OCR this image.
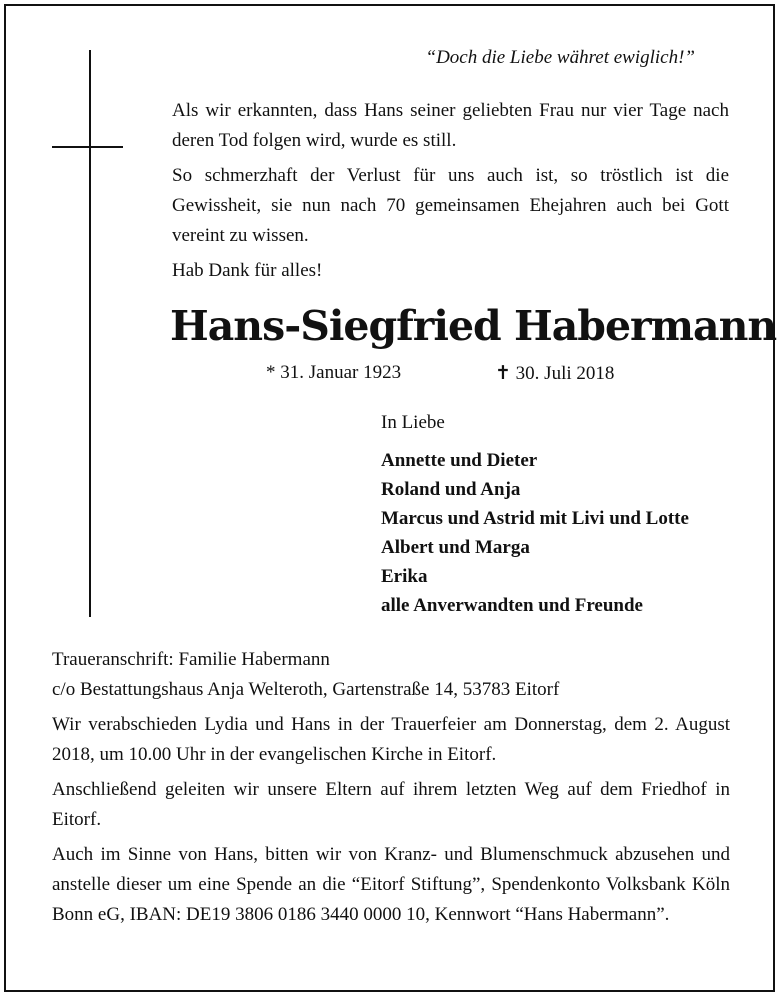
“Doch die Liebe währet ewiglich!”

Als wir erkannten, dass Hans seiner geliebten Frau nur vier Tage nach deren Tod folgen wird, wurde es still.

So schmerzhaft der Verlust für uns auch ist, so tröstlich ist die Gewissheit, sie nun nach 70 gemeinsamen Ehejahren auch bei Gott vereint zu wissen.

Hab Dank für alles!

Hans-Siegfried Habermann
* 31. Januar 1923	✝ 30. Juli 2018
In Liebe
Annette und Dieter
Roland und Anja
Marcus und Astrid mit Livi und Lotte
Albert und Marga
Erika
alle Anverwandten und Freunde

Traueranschrift: Familie Habermann
c/o Bestattungshaus Anja Welteroth, Gartenstraße 14, 53783 Eitorf

Wir verabschieden Lydia und Hans in der Trauerfeier am Donnerstag, dem 2. August 2018, um 10.00 Uhr in der evangelischen Kirche in Eitorf.

Anschließend geleiten wir unsere Eltern auf ihrem letzten Weg auf dem Friedhof in Eitorf.

Auch im Sinne von Hans, bitten wir von Kranz- und Blumenschmuck abzusehen und anstelle dieser um eine Spende an die “Eitorf Stiftung”, Spendenkonto Volksbank Köln Bonn eG, IBAN: DE19 3806 0186 3440 0000 10, Kennwort “Hans Habermann”.
